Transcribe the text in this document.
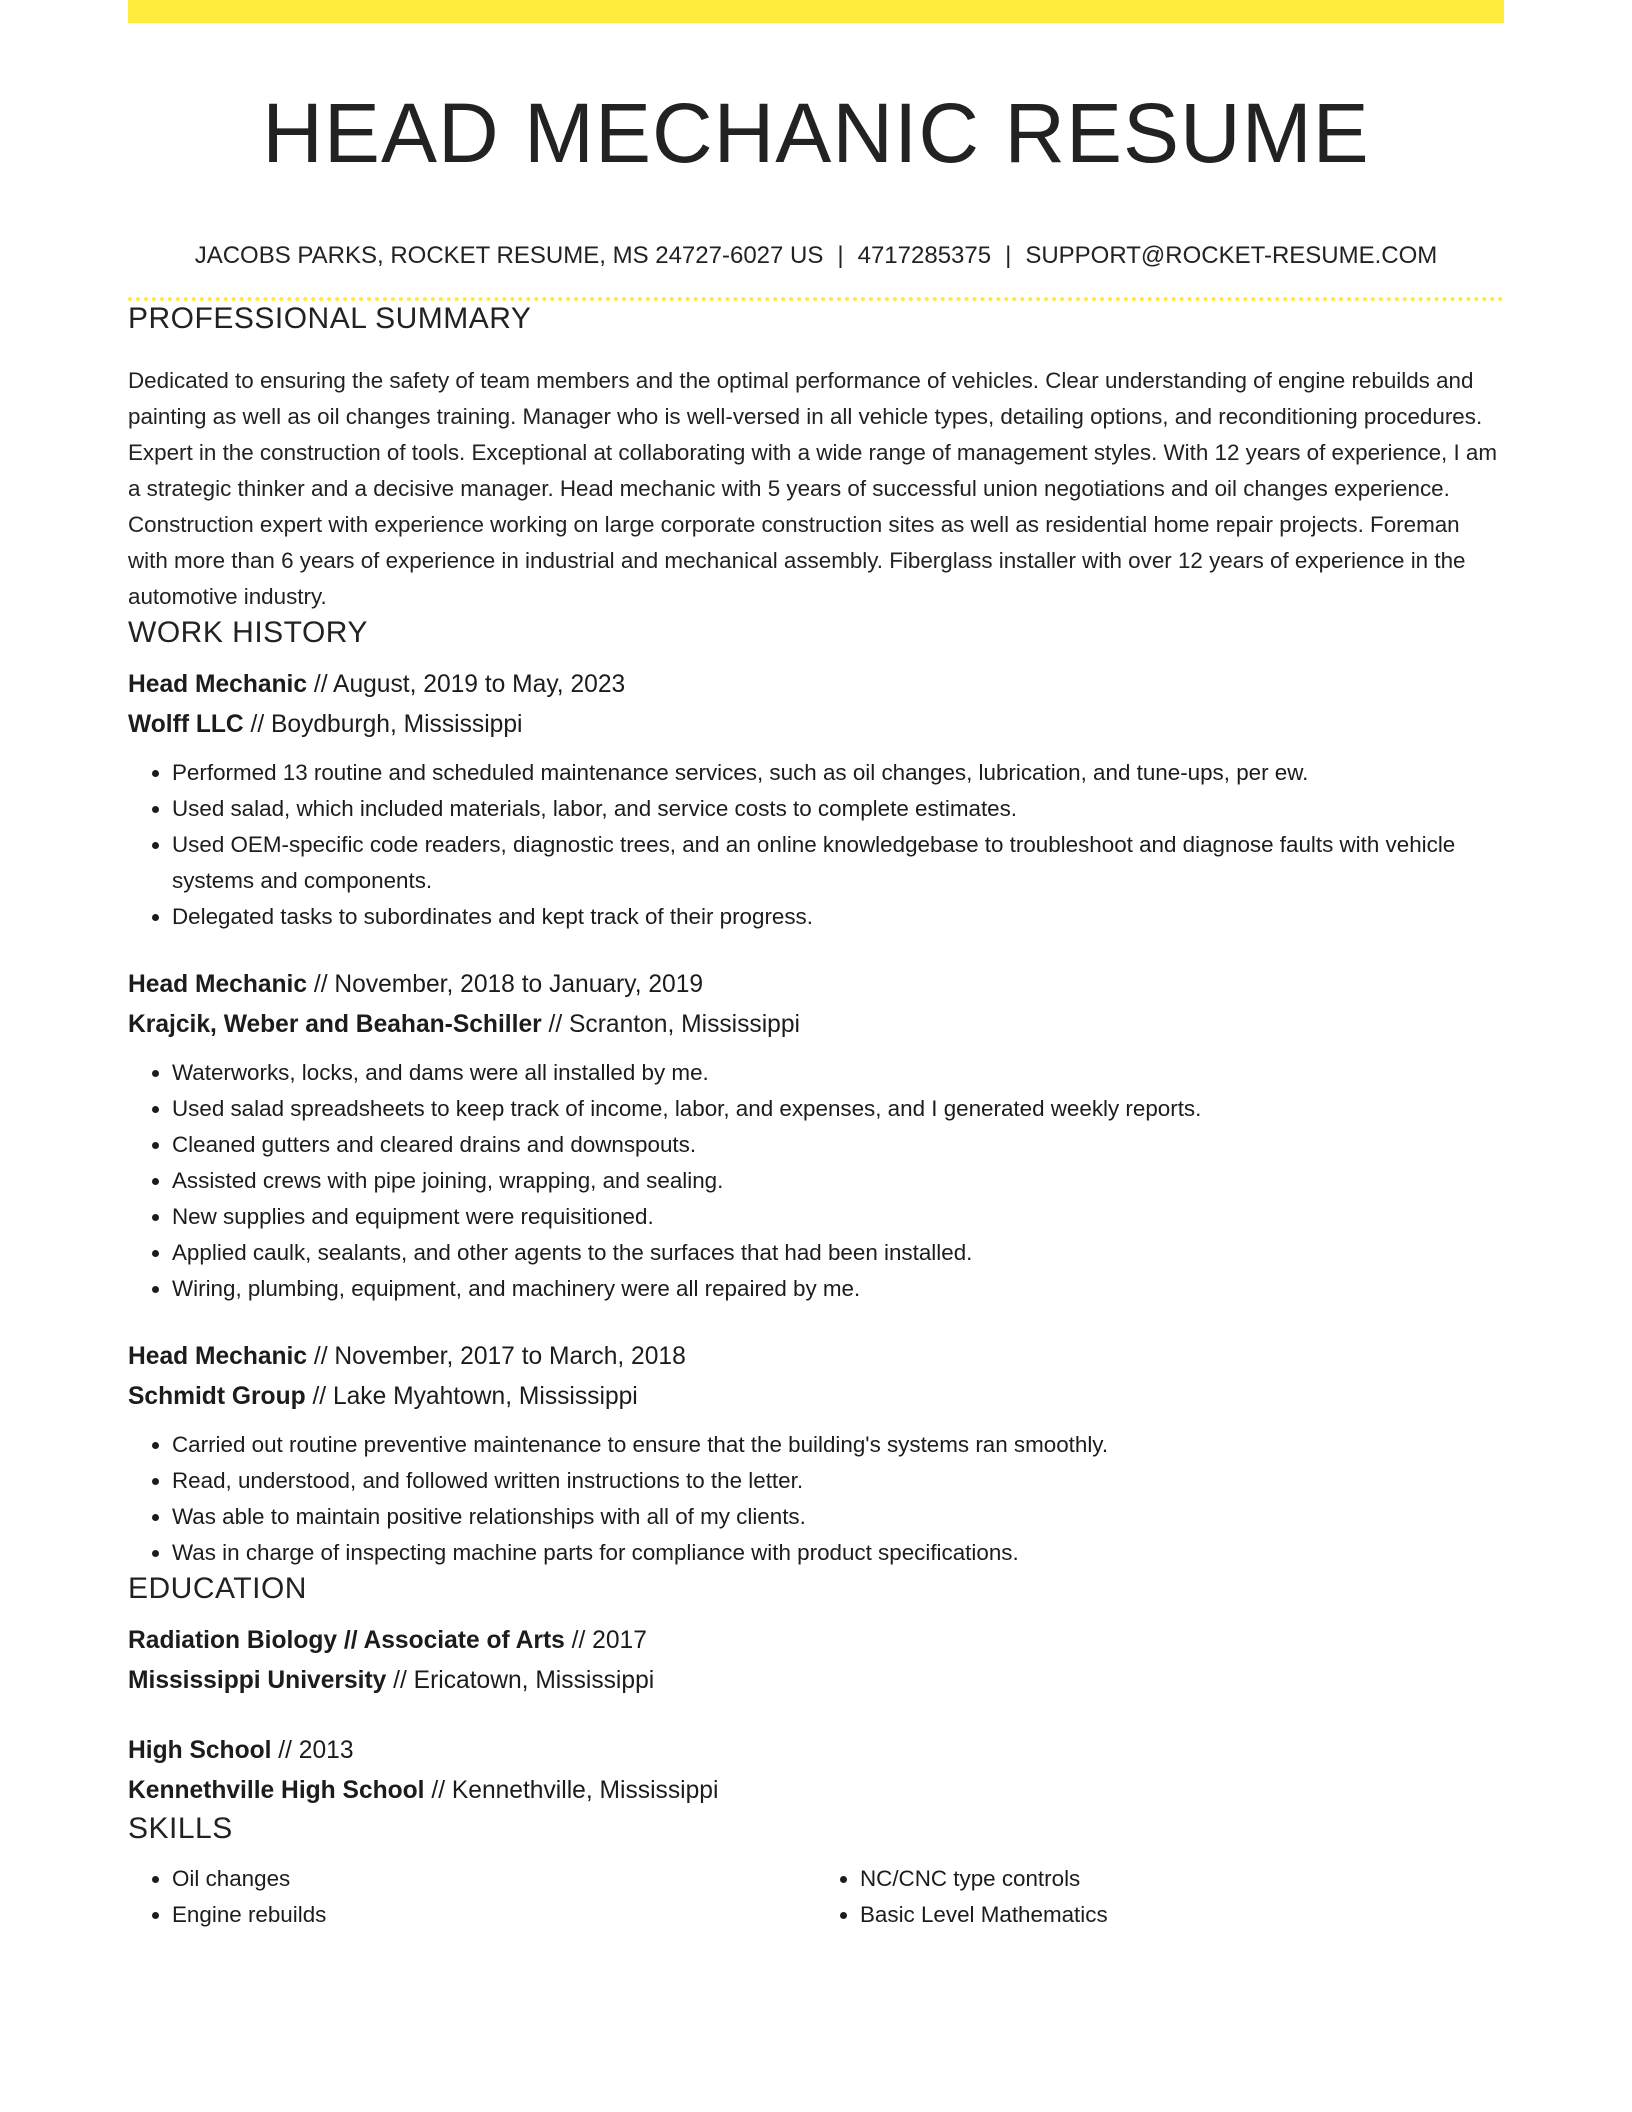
HEAD MECHANIC RESUME
JACOBS PARKS, ROCKET RESUME, MS 24727-6027 US | 4717285375 | SUPPORT@ROCKET-RESUME.COM
PROFESSIONAL SUMMARY

Dedicated to ensuring the safety of team members and the optimal performance of vehicles. Clear understanding of engine rebuilds and painting as well as oil changes training. Manager who is well-versed in all vehicle types, detailing options, and reconditioning procedures. Expert in the construction of tools. Exceptional at collaborating with a wide range of management styles. With 12 years of experience, I am a strategic thinker and a decisive manager. Head mechanic with 5 years of successful union negotiations and oil changes experience. Construction expert with experience working on large corporate construction sites as well as residential home repair projects. Foreman with more than 6 years of experience in industrial and mechanical assembly. Fiberglass installer with over 12 years of experience in the automotive industry.

WORK HISTORY
Head Mechanic // August, 2019 to May, 2023
Wolff LLC // Boydburgh, Mississippi
• Performed 13 routine and scheduled maintenance services, such as oil changes, lubrication, and tune-ups, per ew.
• Used salad, which included materials, labor, and service costs to complete estimates.
• Used OEM-specific code readers, diagnostic trees, and an online knowledgebase to troubleshoot and diagnose faults with vehicle systems and components.
• Delegated tasks to subordinates and kept track of their progress.
Head Mechanic // November, 2018 to January, 2019
Krajcik, Weber and Beahan-Schiller // Scranton, Mississippi
• Waterworks, locks, and dams were all installed by me.
• Used salad spreadsheets to keep track of income, labor, and expenses, and I generated weekly reports.
• Cleaned gutters and cleared drains and downspouts.
• Assisted crews with pipe joining, wrapping, and sealing.
• New supplies and equipment were requisitioned.
• Applied caulk, sealants, and other agents to the surfaces that had been installed.
• Wiring, plumbing, equipment, and machinery were all repaired by me.
Head Mechanic // November, 2017 to March, 2018
Schmidt Group // Lake Myahtown, Mississippi
• Carried out routine preventive maintenance to ensure that the building's systems ran smoothly.
• Read, understood, and followed written instructions to the letter.
• Was able to maintain positive relationships with all of my clients.
• Was in charge of inspecting machine parts for compliance with product specifications.
EDUCATION
Radiation Biology // Associate of Arts // 2017
Mississippi University // Ericatown, Mississippi
High School // 2013
Kennethville High School // Kennethville, Mississippi
SKILLS
• Oil changes
• Engine rebuilds
• NC/CNC type controls
• Basic Level Mathematics
